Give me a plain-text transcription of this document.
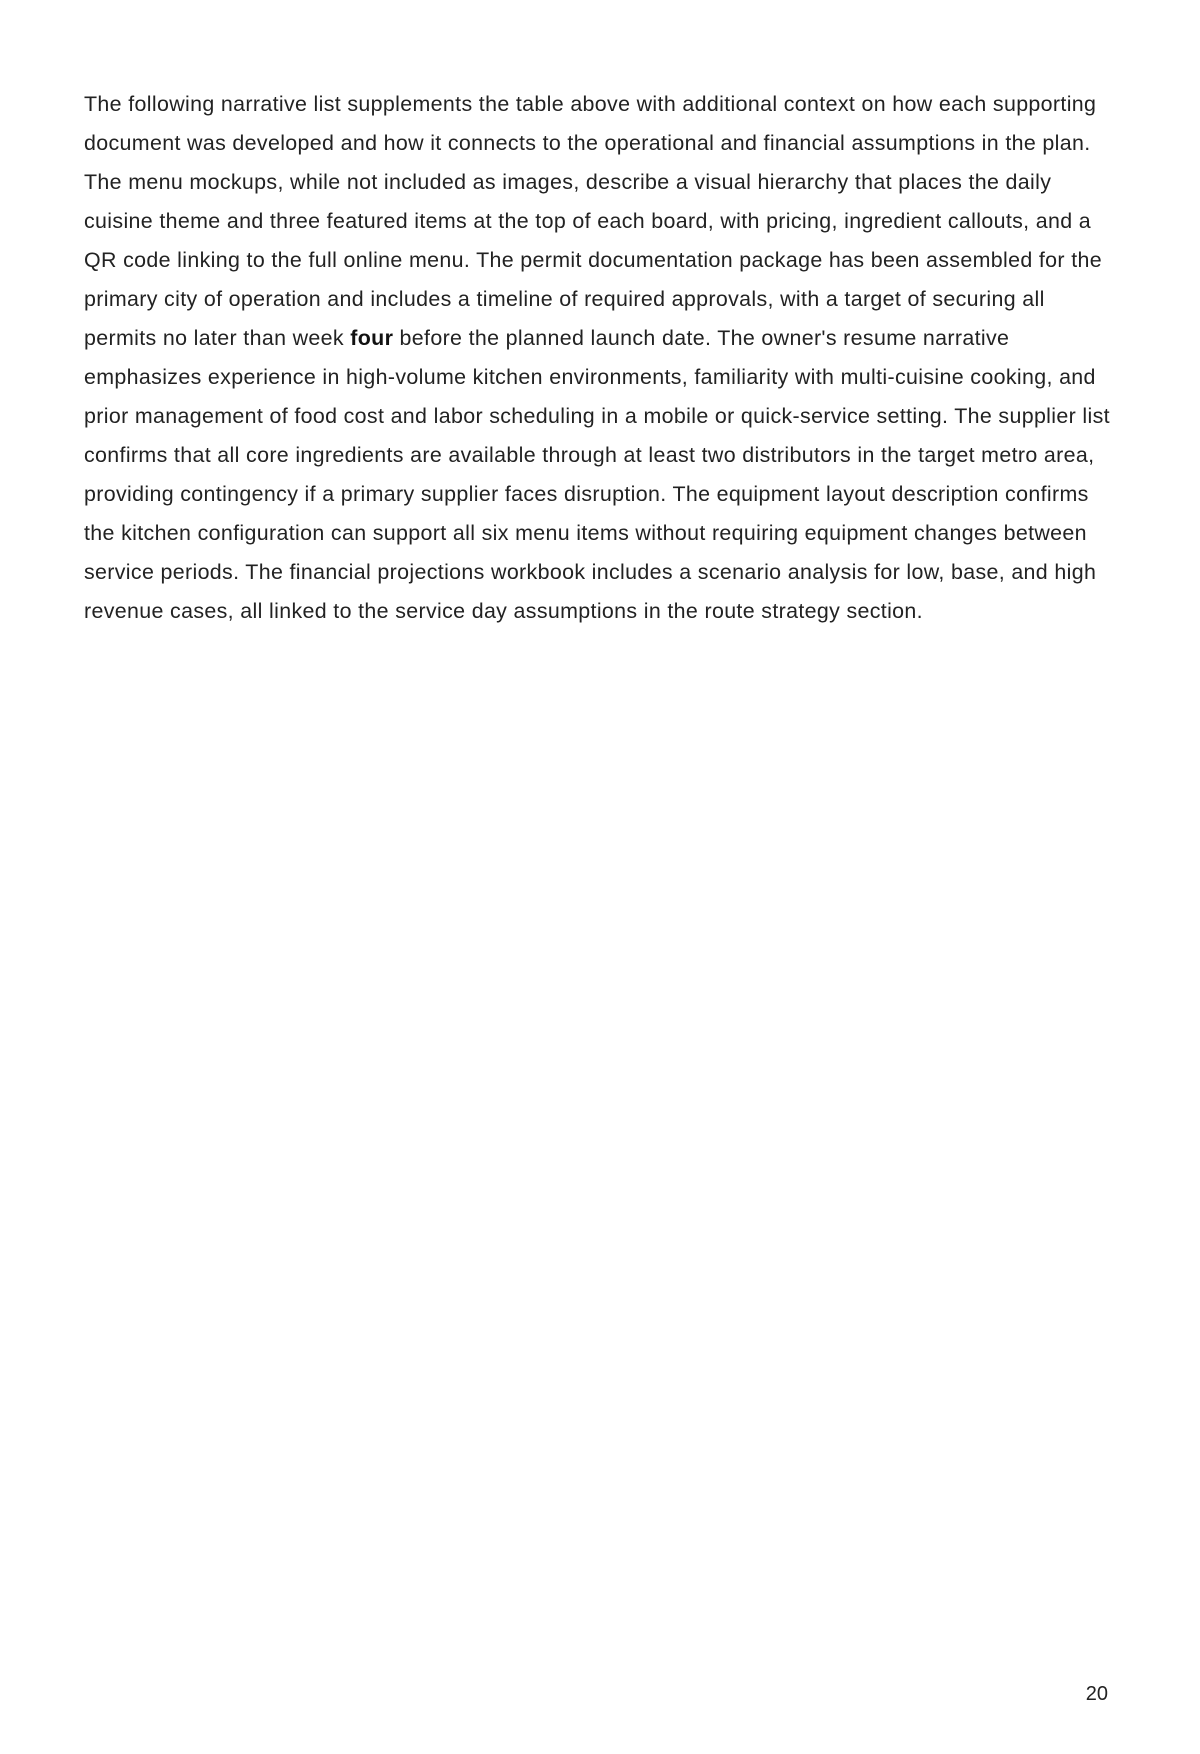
The following narrative list supplements the table above with additional context on how each supporting document was developed and how it connects to the operational and financial assumptions in the plan. The menu mockups, while not included as images, describe a visual hierarchy that places the daily cuisine theme and three featured items at the top of each board, with pricing, ingredient callouts, and a QR code linking to the full online menu. The permit documentation package has been assembled for the primary city of operation and includes a timeline of required approvals, with a target of securing all permits no later than week four before the planned launch date. The owner's resume narrative emphasizes experience in high-volume kitchen environments, familiarity with multi-cuisine cooking, and prior management of food cost and labor scheduling in a mobile or quick-service setting. The supplier list confirms that all core ingredients are available through at least two distributors in the target metro area, providing contingency if a primary supplier faces disruption. The equipment layout description confirms the kitchen configuration can support all six menu items without requiring equipment changes between service periods. The financial projections workbook includes a scenario analysis for low, base, and high revenue cases, all linked to the service day assumptions in the route strategy section.

20
